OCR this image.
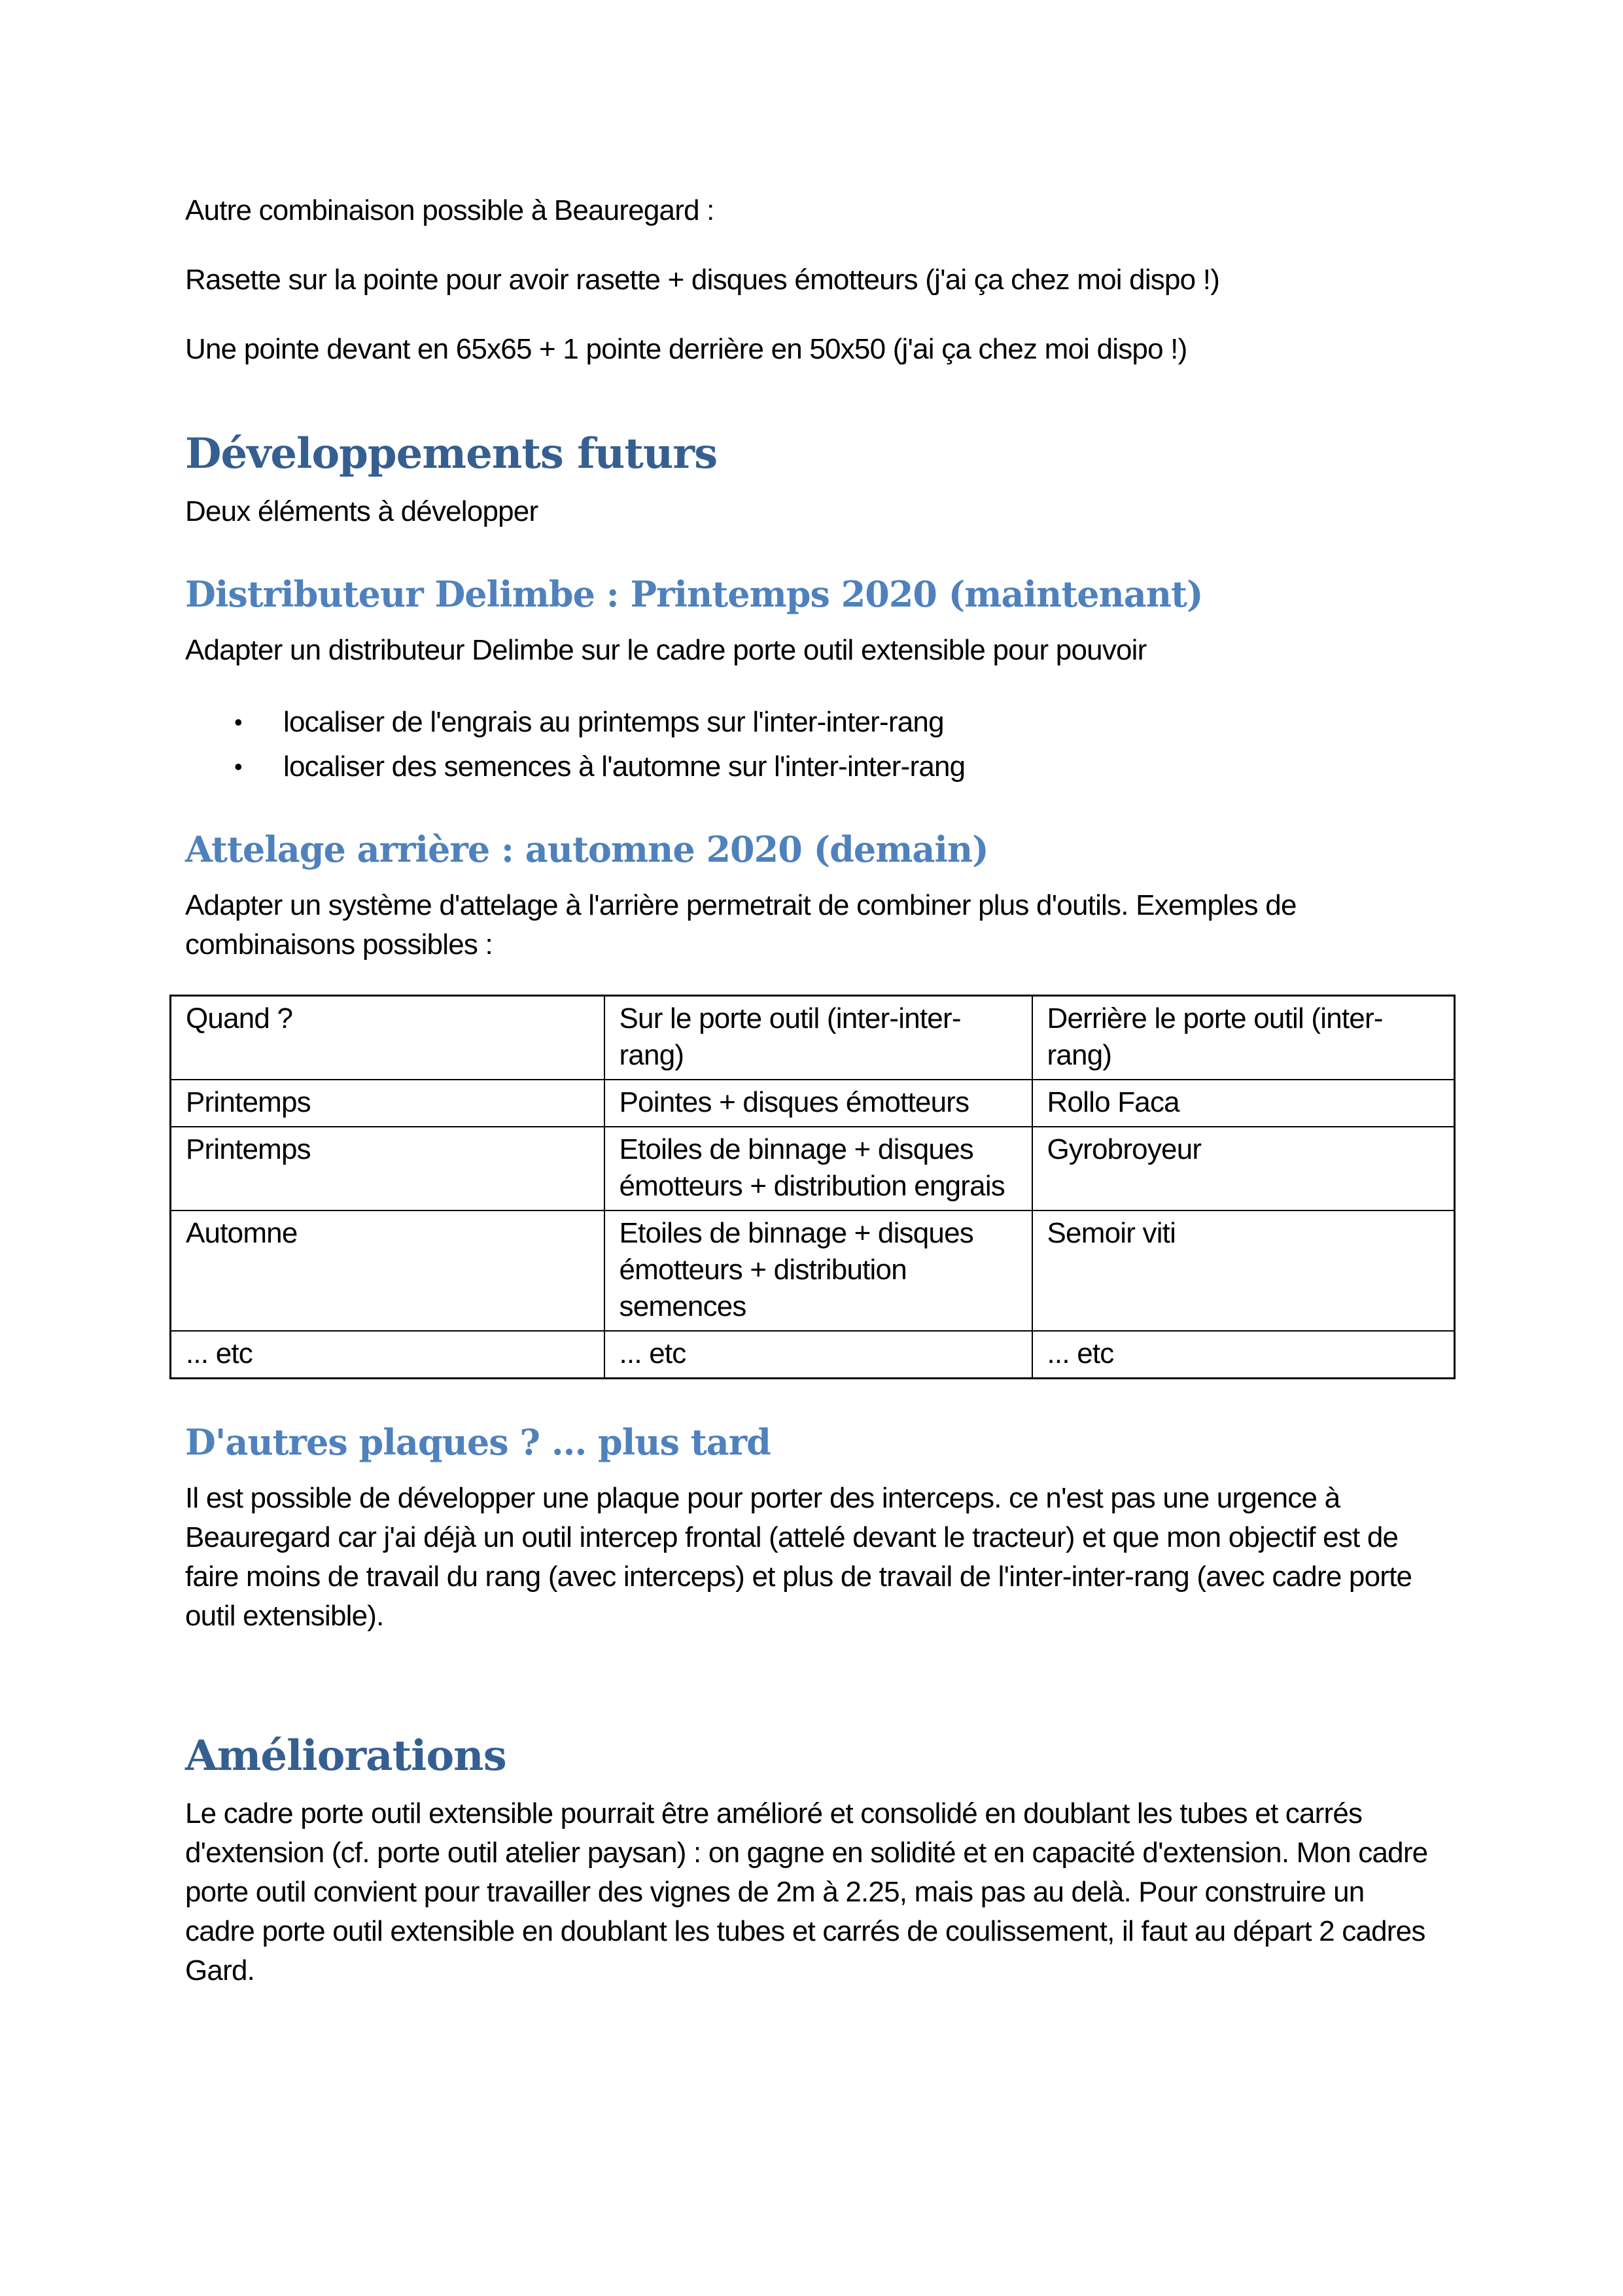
Autre combinaison possible à Beauregard :

Rasette sur la pointe pour avoir rasette + disques émotteurs (j'ai ça chez moi dispo !)

Une pointe devant en 65x65 + 1 pointe derrière en 50x50 (j'ai ça chez moi dispo !)

Développements futurs

Deux éléments à développer

Distributeur Delimbe : Printemps 2020 (maintenant)

Adapter un distributeur Delimbe sur le cadre porte outil extensible pour pouvoir

•	localiser de l'engrais au printemps sur l'inter-inter-rang
•	localiser des semences à l'automne sur l'inter-inter-rang
Attelage arrière : automne 2020 (demain)

Adapter un système d'attelage à l'arrière permetrait de combiner plus d'outils. Exemples de combinaisons possibles :

Quand ?	Sur le porte outil (inter-inter-rang)	Derrière le porte outil (inter-rang)
Printemps	Pointes + disques émotteurs	Rollo Faca
Printemps	Etoiles de binnage + disques émotteurs + distribution engrais	Gyrobroyeur
Automne	Etoiles de binnage + disques émotteurs + distribution semences	Semoir viti
... etc	... etc	... etc
D'autres plaques ? ... plus tard

Il est possible de développer une plaque pour porter des interceps. ce n'est pas une urgence à Beauregard car j'ai déjà un outil intercep frontal (attelé devant le tracteur) et que mon objectif est de faire moins de travail du rang (avec interceps) et plus de travail de l'inter-inter-rang (avec cadre porte outil extensible).

Améliorations

Le cadre porte outil extensible pourrait être amélioré et consolidé en doublant les tubes et carrés d'extension (cf. porte outil atelier paysan) : on gagne en solidité et en capacité d'extension. Mon cadre porte outil convient pour travailler des vignes de 2m à 2.25, mais pas au delà. Pour construire un cadre porte outil extensible en doublant les tubes et carrés de coulissement, il faut au départ 2 cadres Gard.
